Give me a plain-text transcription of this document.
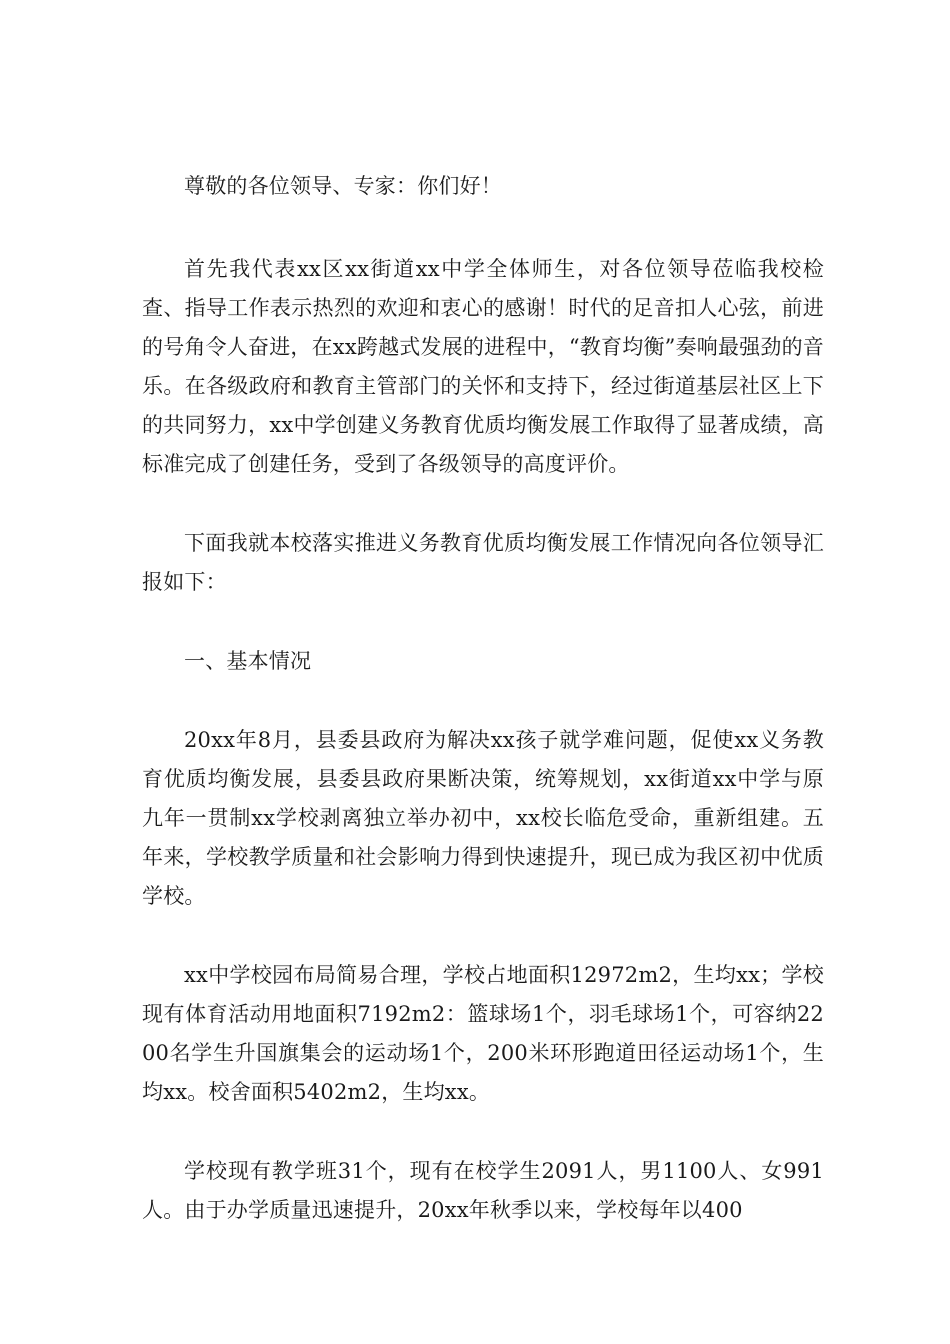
尊敬的各位领导、专家：你们好！

首先我代表xx区xx街道xx中学全体师生，对各位领导莅临我校检查、指导工作表示热烈的欢迎和衷心的感谢！时代的足音扣人心弦，前进的号角令人奋进，在xx跨越式发展的进程中，“教育均衡”奏响最强劲的音乐。在各级政府和教育主管部门的关怀和支持下，经过街道基层社区上下的共同努力，xx中学创建义务教育优质均衡发展工作取得了显著成绩，高标准完成了创建任务，受到了各级领导的高度评价。

下面我就本校落实推进义务教育优质均衡发展工作情况向各位领导汇报如下：

一、基本情况

20xx年8月，县委县政府为解决xx孩子就学难问题，促使xx义务教育优质均衡发展，县委县政府果断决策，统筹规划，xx街道xx中学与原九年一贯制xx学校剥离独立举办初中，xx校长临危受命，重新组建。五年来，学校教学质量和社会影响力得到快速提升，现已成为我区初中优质学校。

xx中学校园布局简易合理，学校占地面积12972m2，生均xx；学校现有体育活动用地面积7192m2：篮球场1个，羽毛球场1个，可容纳2200名学生升国旗集会的运动场1个，200米环形跑道田径运动场1个，生均xx。校舍面积5402m2，生均xx。

学校现有教学班31个，现有在校学生2091人，男1100人、女991人。由于办学质量迅速提升，20xx年秋季以来，学校每年以400
